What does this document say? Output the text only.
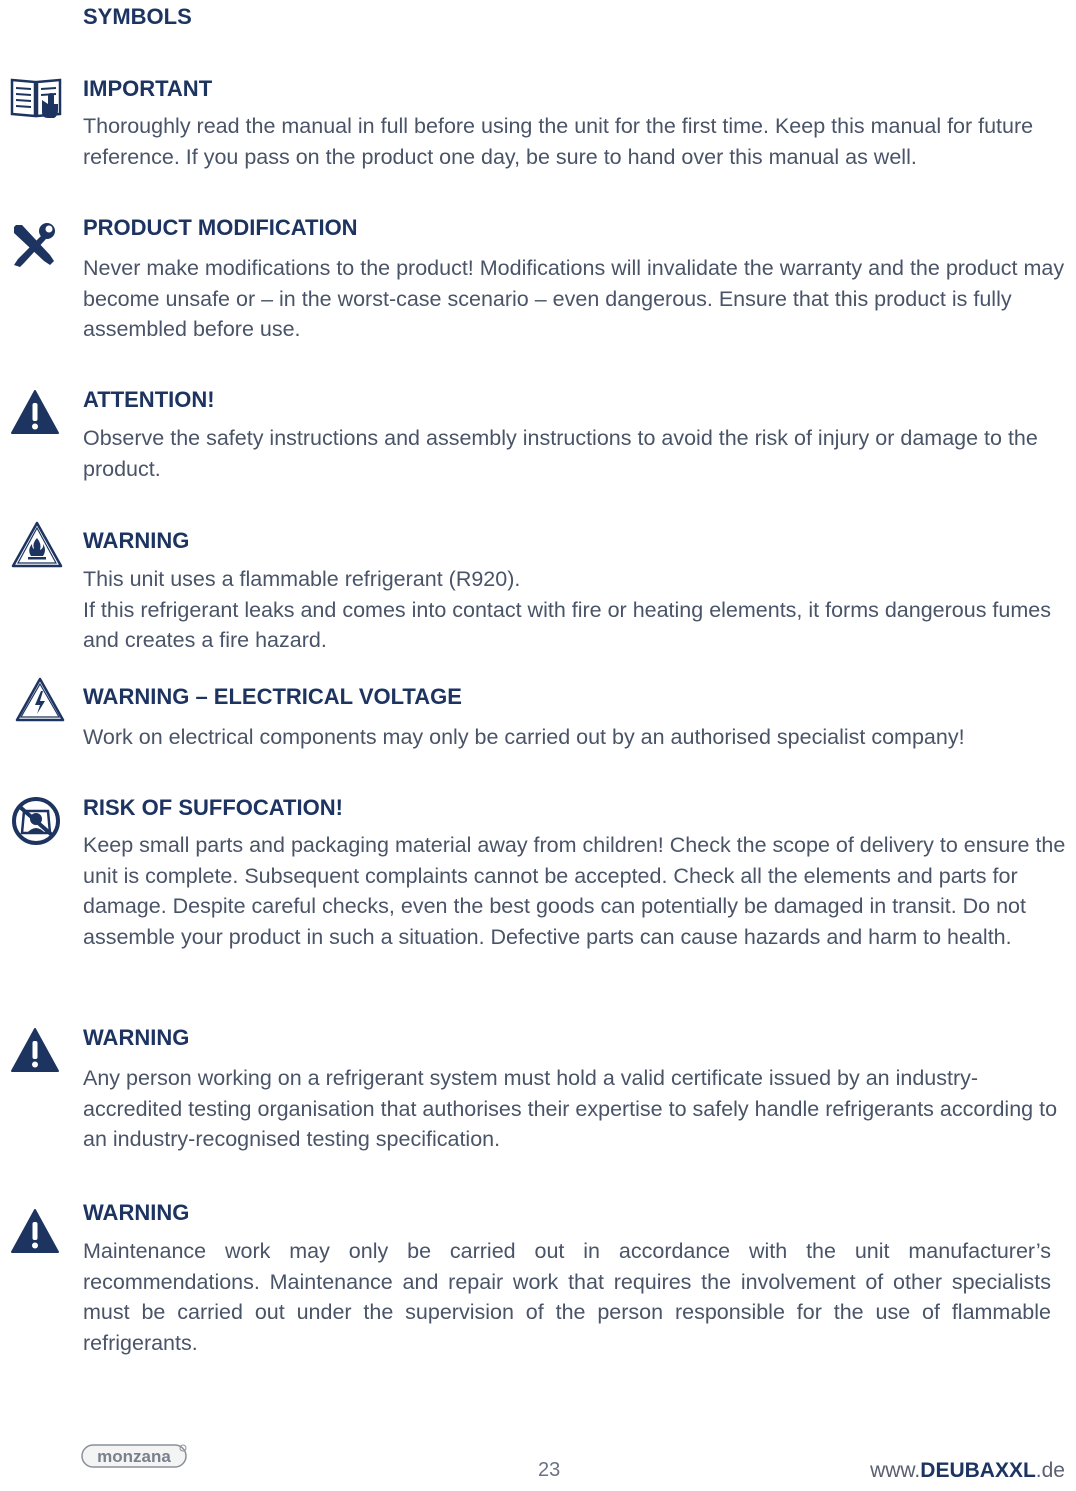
SYMBOLS
IMPORTANT

Thoroughly read the manual in full before using the unit for the first time. Keep this manual for future reference. If you pass on the product one day, be sure to hand over this manual as well.

PRODUCT MODIFICATION

Never make modifications to the product! Modifications will invalidate the warranty and the product may become unsafe or – in the worst-case scenario – even dangerous. Ensure that this product is fully assembled before use.

ATTENTION!

Observe the safety instructions and assembly instructions to avoid the risk of injury or damage to the product.

WARNING

This unit uses a flammable refrigerant (R920).

If this refrigerant leaks and comes into contact with fire or heating elements, it forms dangerous fumes and creates a fire hazard.

WARNING – ELECTRICAL VOLTAGE

Work on electrical components may only be carried out by an authorised specialist company!

RISK OF SUFFOCATION!

Keep small parts and packaging material away from children! Check the scope of delivery to ensure the unit is complete. Subsequent complaints cannot be accepted. Check all the elements and parts for damage. Despite careful checks, even the best goods can potentially be damaged in transit. Do not assemble your product in such a situation. Defective parts can cause hazards and harm to health.

WARNING

Any person working on a refrigerant system must hold a valid certificate issued by an industry-accredited testing organisation that authorises their expertise to safely handle refrigerants according to an industry-recognised testing specification.

WARNING

Maintenance work may only be carried out in accordance with the unit manufacturer’s recommendations. Maintenance and repair work that requires the involvement of other specialists must be carried out under the supervision of the person responsible for the use of flammable refrigerants.

monzana
23	www.DEUBAXXL.de
